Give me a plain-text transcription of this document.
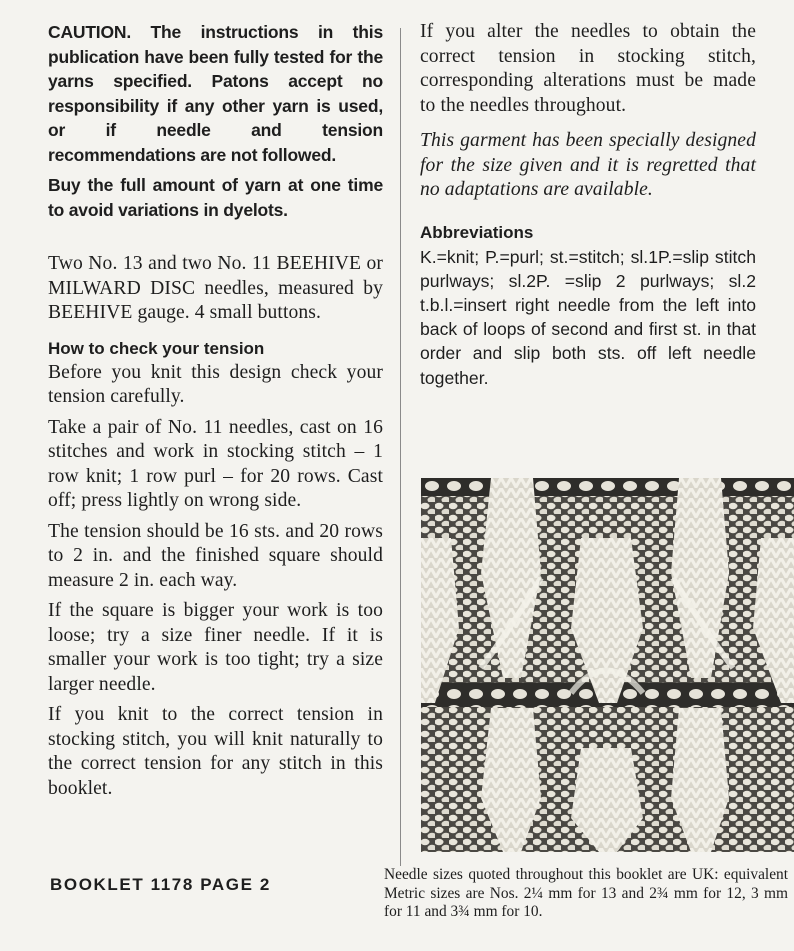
CAUTION. The instructions in this publication have been fully tested for the yarns specified. Patons accept no responsibility if any other yarn is used, or if needle and tension recommendations are not followed.

Buy the full amount of yarn at one time to avoid variations in dyelots.

Two No. 13 and two No. 11 BEEHIVE or MILWARD DISC needles, measured by BEEHIVE gauge. 4 small buttons.

How to check your tension

Before you knit this design check your tension carefully.

Take a pair of No. 11 needles, cast on 16 stitches and work in stocking stitch – 1 row knit; 1 row purl – for 20 rows. Cast off; press lightly on wrong side.

The tension should be 16 sts. and 20 rows to 2 in. and the finished square should measure 2 in. each way.

If the square is bigger your work is too loose; try a size finer needle. If it is smaller your work is too tight; try a size larger needle.

If you knit to the correct tension in stocking stitch, you will knit naturally to the correct tension for any stitch in this booklet.

If you alter the needles to obtain the correct tension in stocking stitch, corresponding alterations must be made to the needles throughout.

This garment has been specially designed for the size given and it is regretted that no adaptations are available.

Abbreviations

K.=knit; P.=purl; st.=stitch; sl.1P.=slip stitch purlways; sl.2P. =slip 2 purlways; sl.2 t.b.l.=insert right needle from the left into back of loops of second and first st. in that order and slip both sts. off left needle together.

BOOKLET 1178 PAGE 2

Needle sizes quoted throughout this booklet are UK: equivalent Metric sizes are Nos. 2¼ mm for 13 and 2¾ mm for 12, 3 mm for 11 and 3¾ mm for 10.
